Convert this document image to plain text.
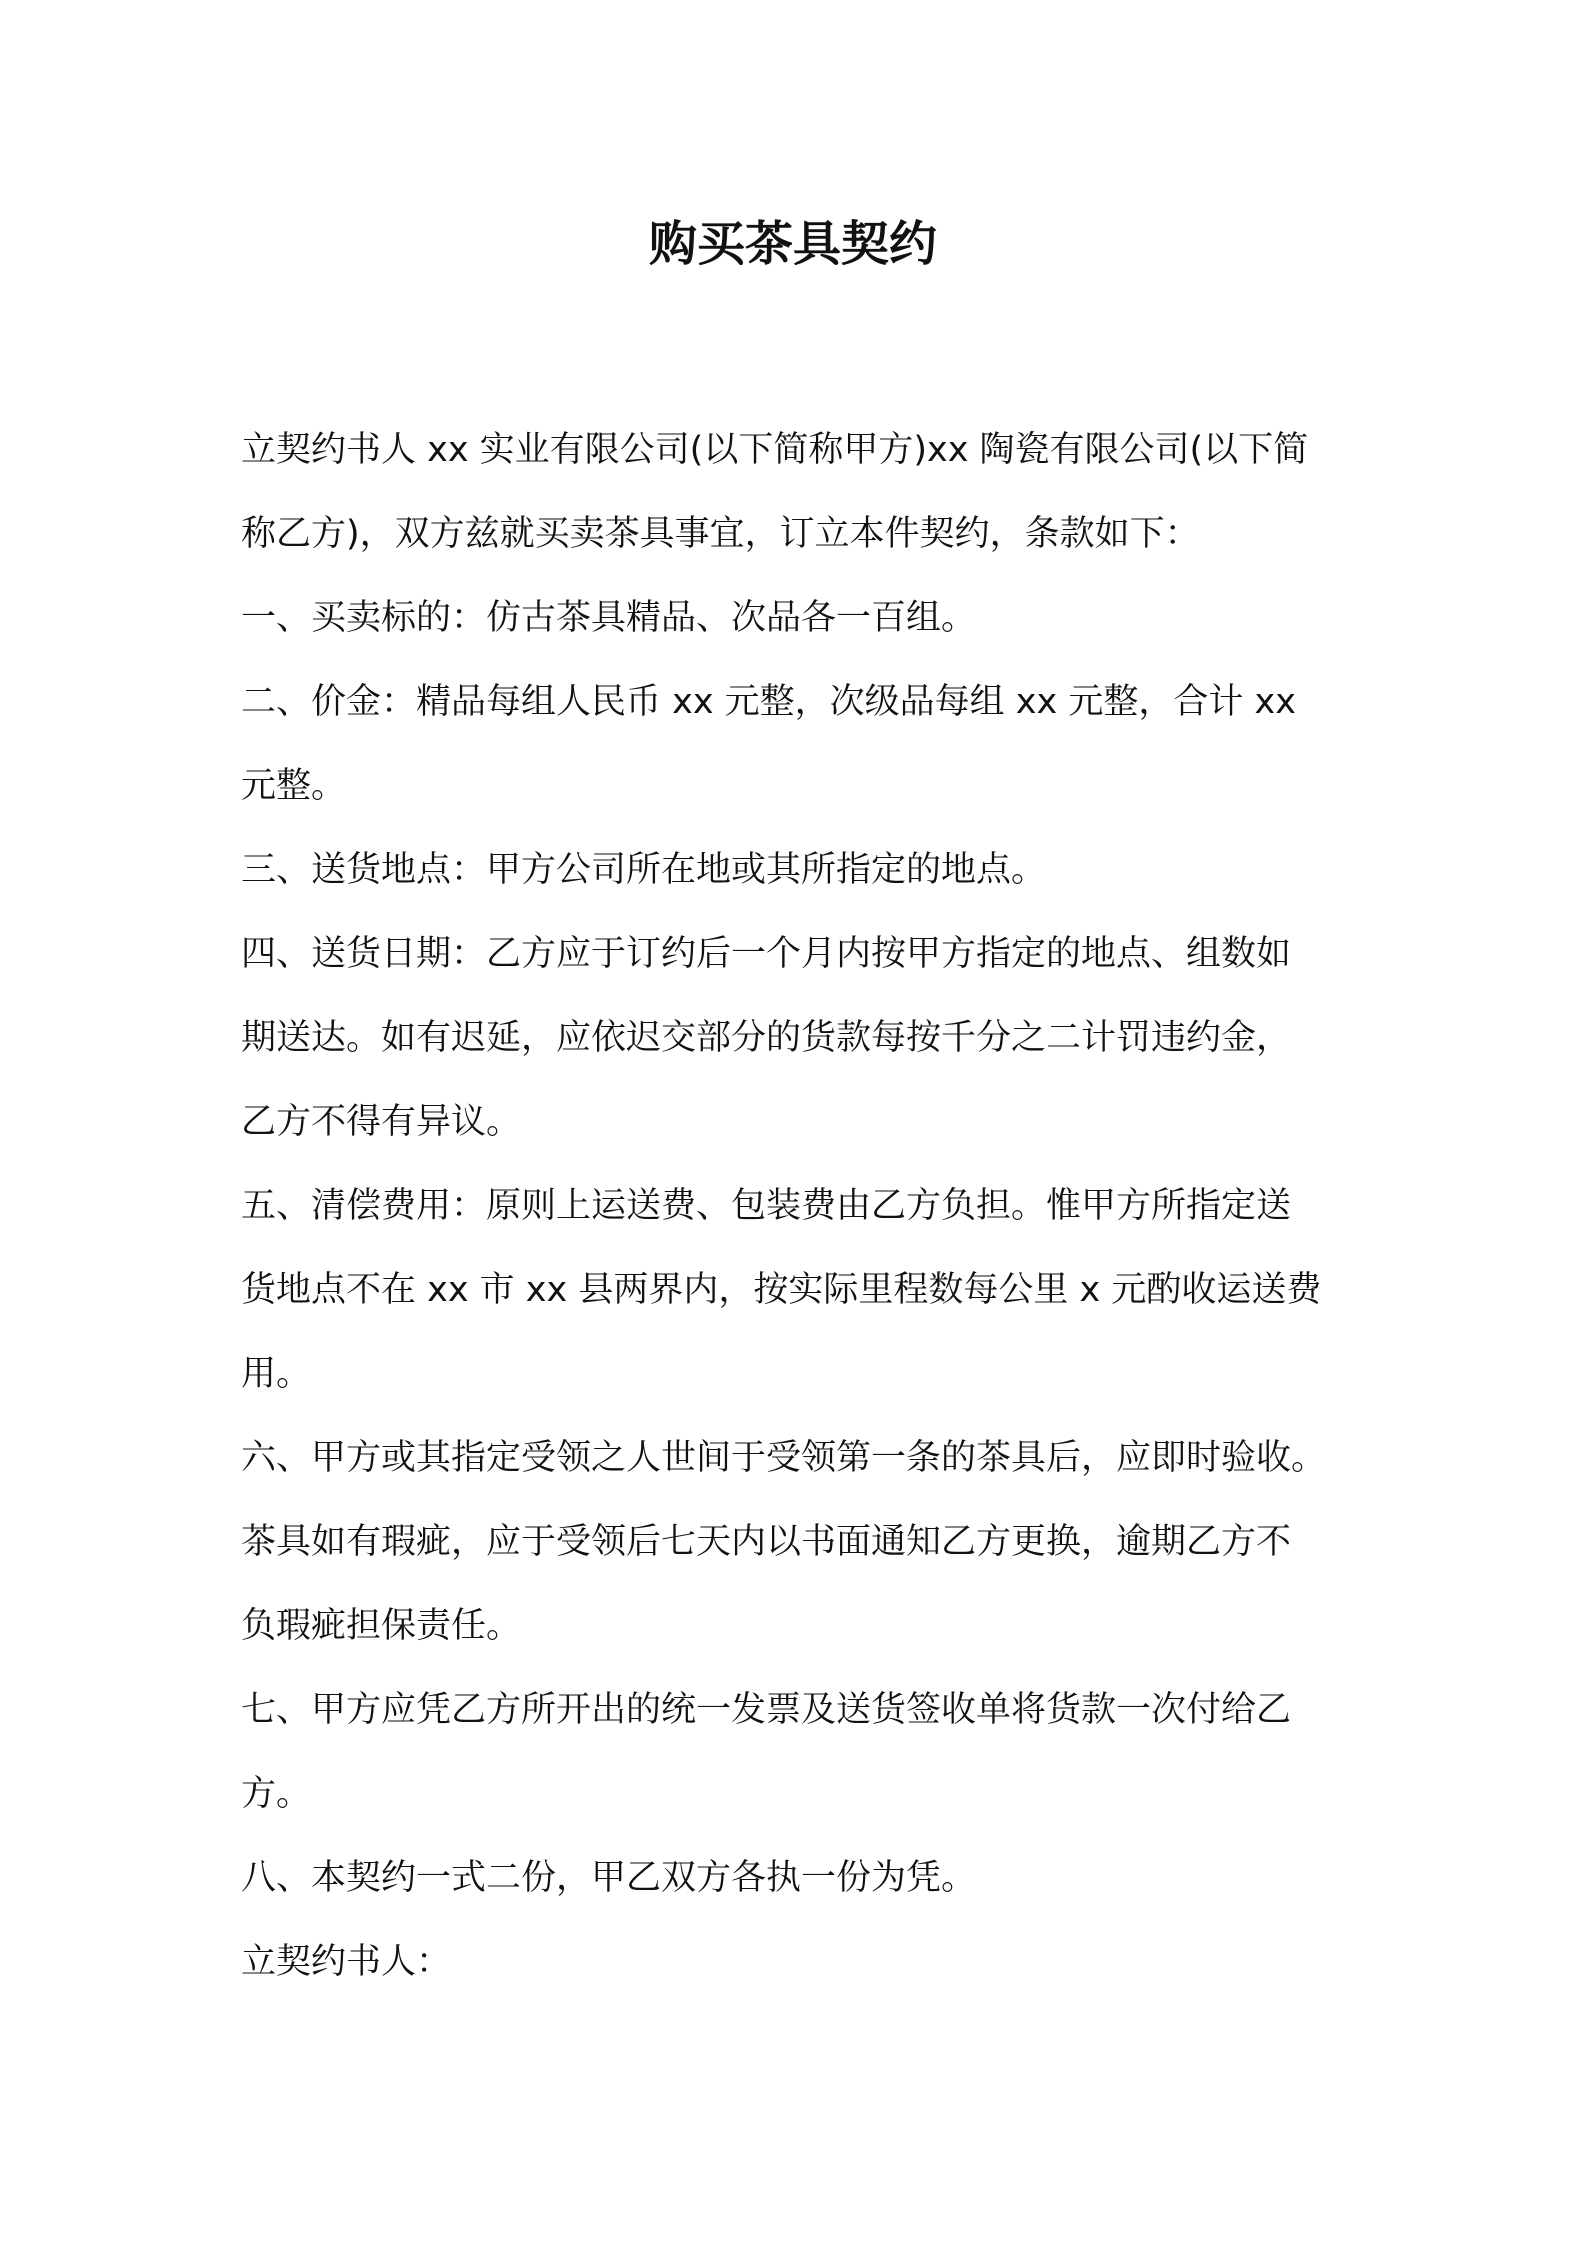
购买茶具契约

立契约书人 xx 实业有限公司(以下简称甲方)xx 陶瓷有限公司(以下简
称乙方)，双方兹就买卖茶具事宜，订立本件契约，条款如下：

一、买卖标的：仿古茶具精品、次品各一百组。

二、价金：精品每组人民币 xx 元整，次级品每组 xx 元整，合计 xx
元整。

三、送货地点：甲方公司所在地或其所指定的地点。

四、送货日期：乙方应于订约后一个月内按甲方指定的地点、组数如
期送达。如有迟延，应依迟交部分的货款每按千分之二计罚违约金，
乙方不得有异议。

五、清偿费用：原则上运送费、包装费由乙方负担。惟甲方所指定送
货地点不在 xx 市 xx 县两界内，按实际里程数每公里 x 元酌收运送费
用。

六、甲方或其指定受领之人世间于受领第一条的茶具后，应即时验收。
茶具如有瑕疵，应于受领后七天内以书面通知乙方更换，逾期乙方不
负瑕疵担保责任。

七、甲方应凭乙方所开出的统一发票及送货签收单将货款一次付给乙
方。

八、本契约一式二份，甲乙双方各执一份为凭。

立契约书人：
